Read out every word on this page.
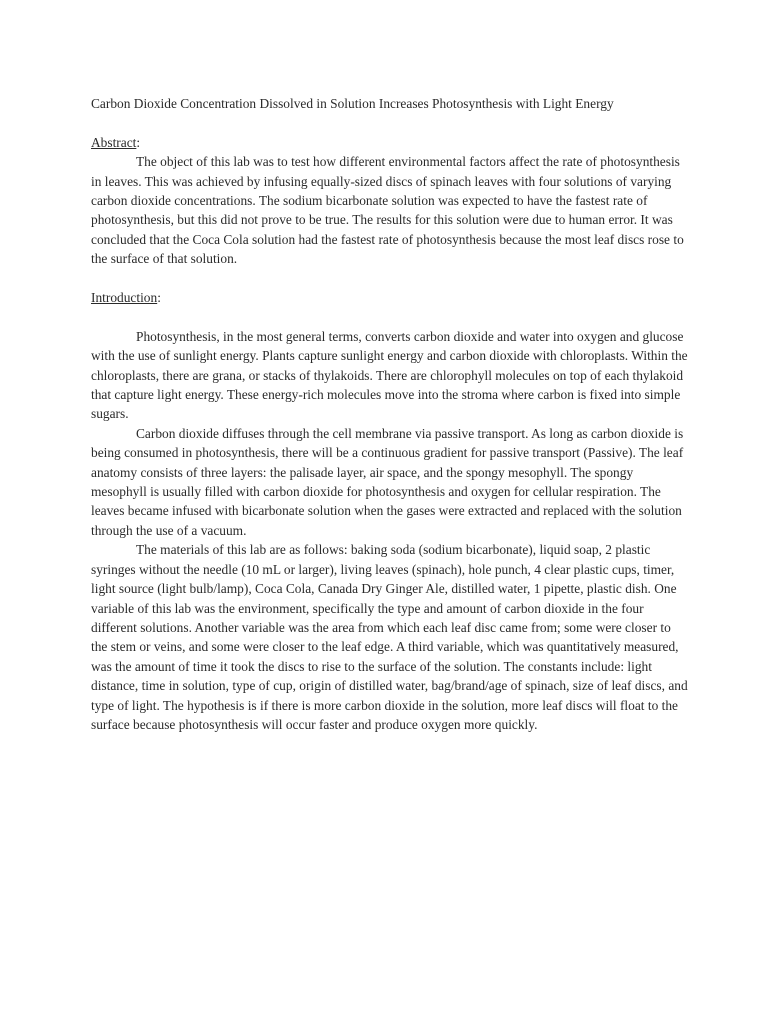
Carbon Dioxide Concentration Dissolved in Solution Increases Photosynthesis with Light Energy
Abstract:

The object of this lab was to test how different environmental factors affect the rate of photosynthesis in leaves. This was achieved by infusing equally-sized discs of spinach leaves with four solutions of varying carbon dioxide concentrations. The sodium bicarbonate solution was expected to have the fastest rate of photosynthesis, but this did not prove to be true. The results for this solution were due to human error. It was concluded that the Coca Cola solution had the fastest rate of photosynthesis because the most leaf discs rose to the surface of that solution.

Introduction:

Photosynthesis, in the most general terms, converts carbon dioxide and water into oxygen and glucose with the use of sunlight energy. Plants capture sunlight energy and carbon dioxide with chloroplasts. Within the chloroplasts, there are grana, or stacks of thylakoids. There are chlorophyll molecules on top of each thylakoid that capture light energy. These energy-rich molecules move into the stroma where carbon is fixed into simple sugars.

Carbon dioxide diffuses through the cell membrane via passive transport. As long as carbon dioxide is being consumed in photosynthesis, there will be a continuous gradient for passive transport (Passive). The leaf anatomy consists of three layers: the palisade layer, air space, and the spongy mesophyll. The spongy mesophyll is usually filled with carbon dioxide for photosynthesis and oxygen for cellular respiration. The leaves became infused with bicarbonate solution when the gases were extracted and replaced with the solution through the use of a vacuum.

The materials of this lab are as follows: baking soda (sodium bicarbonate), liquid soap, 2 plastic syringes without the needle (10 mL or larger), living leaves (spinach), hole punch, 4 clear plastic cups, timer, light source (light bulb/lamp), Coca Cola, Canada Dry Ginger Ale, distilled water, 1 pipette, plastic dish. One variable of this lab was the environment, specifically the type and amount of carbon dioxide in the four different solutions. Another variable was the area from which each leaf disc came from; some were closer to the stem or veins, and some were closer to the leaf edge. A third variable, which was quantitatively measured, was the amount of time it took the discs to rise to the surface of the solution. The constants include: light distance, time in solution, type of cup, origin of distilled water, bag/brand/age of spinach, size of leaf discs, and type of light. The hypothesis is if there is more carbon dioxide in the solution, more leaf discs will float to the surface because photosynthesis will occur faster and produce oxygen more quickly.
